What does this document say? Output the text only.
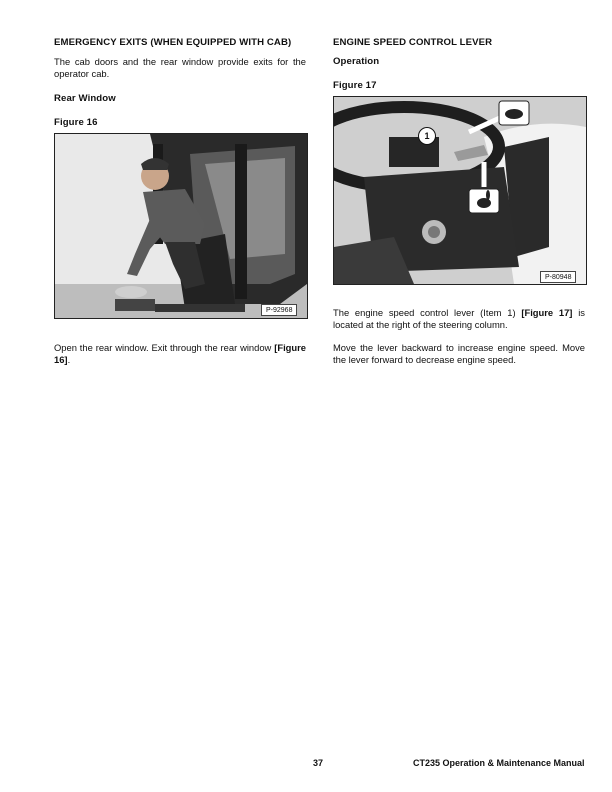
EMERGENCY EXITS (WHEN EQUIPPED WITH CAB)
The cab doors and the rear window provide exits for the operator cab.
Rear Window
Figure 16
P-92968
Open the rear window. Exit through the rear window [Figure 16].
ENGINE SPEED CONTROL LEVER
Operation
Figure 17
1
P-80948
The engine speed control lever (Item 1) [Figure 17] is located at the right of the steering column.
Move the lever backward to increase engine speed. Move the lever forward to decrease engine speed.
37	CT235 Operation & Maintenance Manual
